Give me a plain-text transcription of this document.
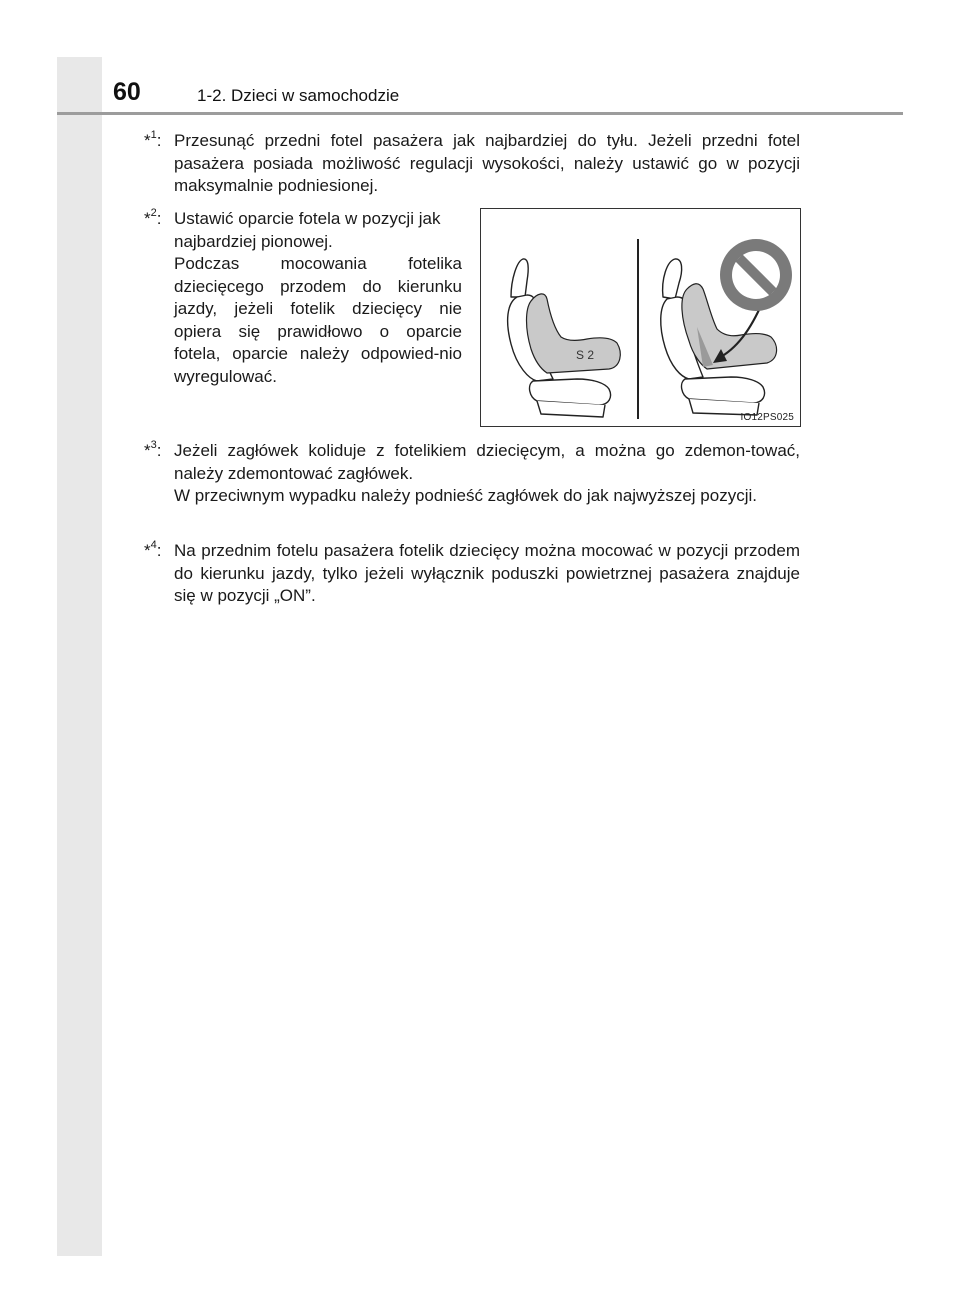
60	1-2. Dzieci w samochodzie
*$^1$: Przesunąć przedni fotel pasażera jak najbardziej do tyłu. Jeżeli przedni fotel pasażera posiada możliwość regulacji wysokości, należy ustawić go w pozycji maksymalnie podniesionej.

*$^2$: Ustawić oparcie fotela w pozycji jak najbardziej pionowej.

Podczas mocowania fotelika dziecięcego przodem do kierunku jazdy, jeżeli fotelik dziecięcy nie opiera się prawidłowo o oparcie fotela, oparcie należy odpowied-nio wyregulować.

S 2
IO12PS025
*$^3$: Jeżeli zagłówek koliduje z fotelikiem dziecięcym, a można go zdemon-tować, należy zdemontować zagłówek.

W przeciwnym wypadku należy podnieść zagłówek do jak najwyższej pozycji.

*$^4$: Na przednim fotelu pasażera fotelik dziecięcy można mocować w pozycji przodem do kierunku jazdy, tylko jeżeli wyłącznik poduszki powietrznej pasażera znajduje się w pozycji „ON”.
